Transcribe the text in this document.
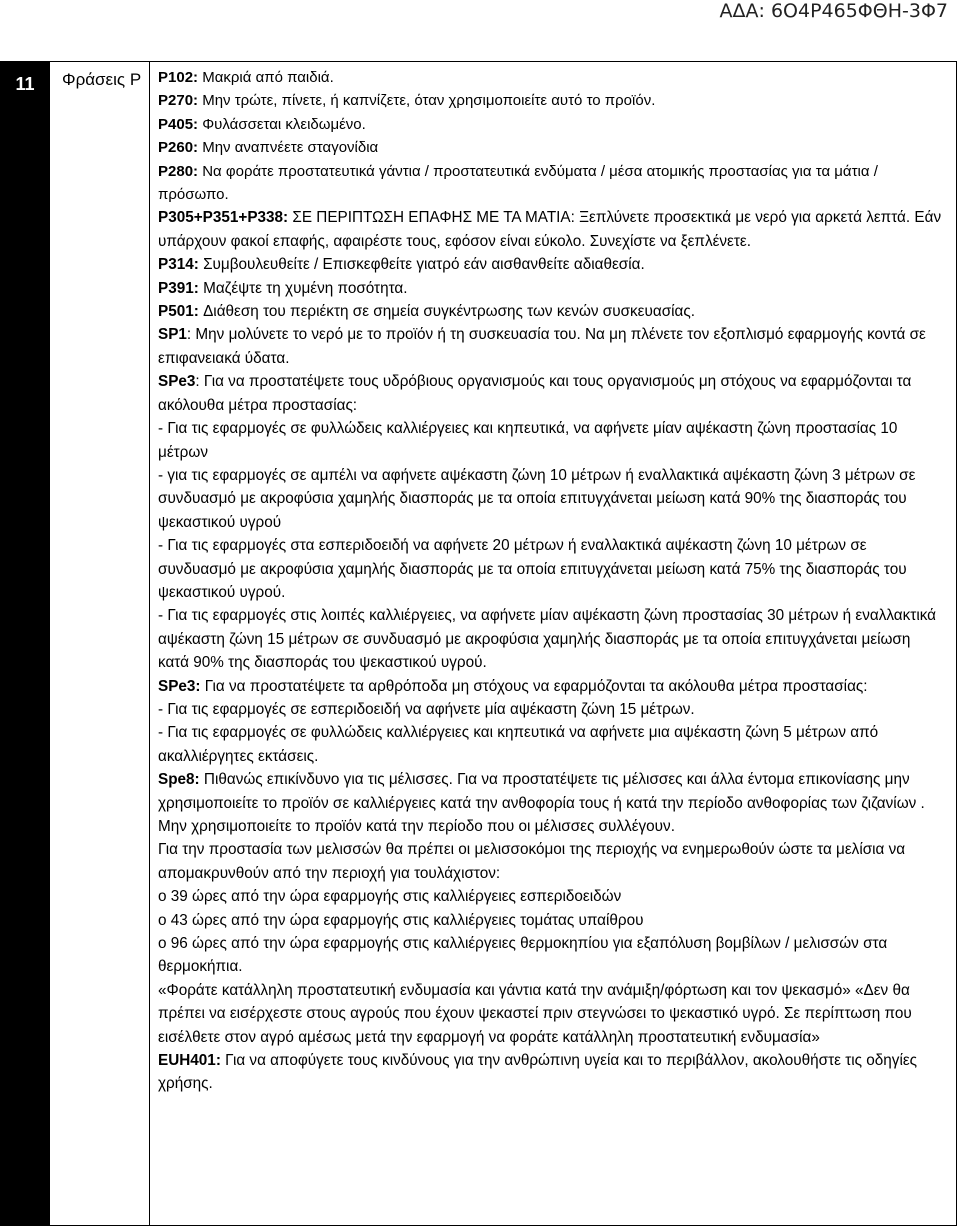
ΑΔΑ: 6Ο4Ρ465ΦΘΗ-3Φ7
11	Φράσεις Ρ	P102: Μακριά από παιδιά.
P270: Μην τρώτε, πίνετε, ή καπνίζετε, όταν χρησιμοποιείτε αυτό το προϊόν.
P405: Φυλάσσεται κλειδωμένο.
P260: Μην αναπνέετε σταγονίδια
P280: Να φοράτε προστατευτικά γάντια / προστατευτικά ενδύματα / μέσα ατομικής προστασίας για τα μάτια / πρόσωπο.
P305+P351+P338: ΣΕ ΠΕΡΙΠΤΩΣΗ ΕΠΑΦΗΣ ΜΕ ΤΑ ΜΑΤΙΑ: Ξεπλύνετε προσεκτικά με νερό για αρκετά λεπτά. Εάν υπάρχουν φακοί επαφής, αφαιρέστε τους, εφόσον είναι εύκολο. Συνεχίστε να ξεπλένετε.
P314: Συμβουλευθείτε / Επισκεφθείτε γιατρό εάν αισθανθείτε αδιαθεσία.
P391: Μαζέψτε τη χυμένη ποσότητα.
P501: Διάθεση του περιέκτη σε σημεία συγκέντρωσης των κενών συσκευασίας.
SP1: Μην μολύνετε το νερό με το προϊόν ή τη συσκευασία του. Να μη πλένετε τον εξοπλισμό εφαρμογής κοντά σε επιφανειακά ύδατα.
SPe3: Για να προστατέψετε τους υδρόβιους οργανισμούς και τους οργανισμούς μη στόχους να εφαρμόζονται τα ακόλουθα μέτρα προστασίας:
- Για τις εφαρμογές σε φυλλώδεις καλλιέργειες και κηπευτικά, να αφήνετε μίαν αψέκαστη ζώνη προστασίας 10 μέτρων
- για τις εφαρμογές σε αμπέλι να αφήνετε αψέκαστη ζώνη 10 μέτρων ή εναλλακτικά αψέκαστη ζώνη 3 μέτρων σε συνδυασμό με ακροφύσια χαμηλής διασποράς με τα οποία επιτυγχάνεται μείωση κατά 90% της διασποράς του ψεκαστικού υγρού
- Για τις εφαρμογές στα εσπεριδοειδή να αφήνετε 20 μέτρων ή εναλλακτικά αψέκαστη ζώνη 10 μέτρων σε συνδυασμό με ακροφύσια χαμηλής διασποράς με τα οποία επιτυγχάνεται μείωση κατά 75% της διασποράς του ψεκαστικού υγρού.
- Για τις εφαρμογές στις λοιπές καλλιέργειες, να αφήνετε μίαν αψέκαστη ζώνη προστασίας 30 μέτρων ή εναλλακτικά αψέκαστη ζώνη 15 μέτρων σε συνδυασμό με ακροφύσια χαμηλής διασποράς με τα οποία επιτυγχάνεται μείωση κατά 90% της διασποράς του ψεκαστικού υγρού.
SPe3: Για να προστατέψετε τα αρθρόποδα μη στόχους να εφαρμόζονται τα ακόλουθα μέτρα προστασίας:
- Για τις εφαρμογές σε εσπεριδοειδή να αφήνετε μία αψέκαστη ζώνη 15 μέτρων.
- Για τις εφαρμογές σε φυλλώδεις καλλιέργειες και κηπευτικά να αφήνετε μια αψέκαστη ζώνη 5 μέτρων από ακαλλιέργητες εκτάσεις.
Spe8: Πιθανώς επικίνδυνο για τις μέλισσες. Για να προστατέψετε τις μέλισσες και άλλα έντομα επικονίασης μην χρησιμοποιείτε το προϊόν σε καλλιέργειες κατά την ανθοφορία τους ή κατά την περίοδο ανθοφορίας των ζιζανίων . Μην χρησιμοποιείτε το προϊόν κατά την περίοδο που οι μέλισσες συλλέγουν.
Για την προστασία των μελισσών θα πρέπει οι μελισσοκόμοι της περιοχής να ενημερωθούν ώστε τα μελίσια να απομακρυνθούν από την περιοχή για τουλάχιστον:
ο 39 ώρες από την ώρα εφαρμογής στις καλλιέργειες εσπεριδοειδών
ο 43 ώρες από την ώρα εφαρμογής στις καλλιέργειες τομάτας υπαίθρου
ο 96 ώρες από την ώρα εφαρμογής στις καλλιέργειες θερμοκηπίου για εξαπόλυση βομβίλων / μελισσών στα θερμοκήπια.
«Φοράτε κατάλληλη προστατευτική ενδυμασία και γάντια κατά την ανάμιξη/φόρτωση και τον ψεκασμό» «Δεν θα πρέπει να εισέρχεστε στους αγρούς που έχουν ψεκαστεί πριν στεγνώσει το ψεκαστικό υγρό. Σε περίπτωση που εισέλθετε στον αγρό αμέσως μετά την εφαρμογή να φοράτε κατάλληλη προστατευτική ενδυμασία»
EUH401: Για να αποφύγετε τους κινδύνους για την ανθρώπινη υγεία και το περιβάλλον, ακολουθήστε τις οδηγίες χρήσης.
